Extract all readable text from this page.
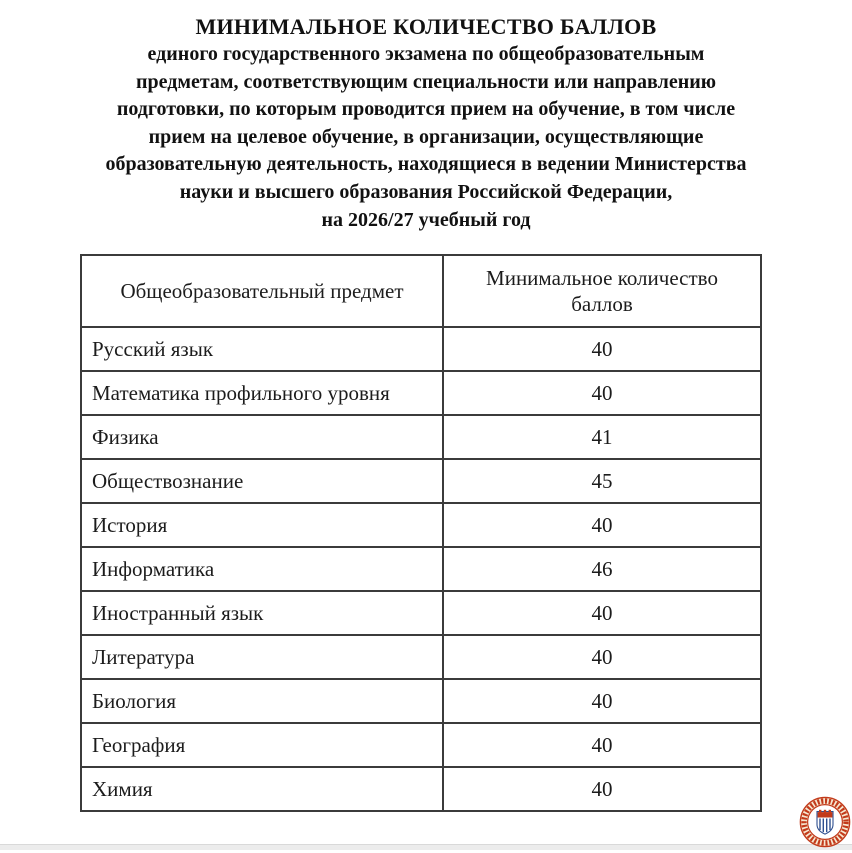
МИНИМАЛЬНОЕ КОЛИЧЕСТВО БАЛЛОВ
единого государственного экзамена по общеобразовательным
предметам, соответствующим специальности или направлению
подготовки, по которым проводится прием на обучение, в том числе
прием на целевое обучение, в организации, осуществляющие
образовательную деятельность, находящиеся в ведении Министерства
науки и высшего образования Российской Федерации,
на 2026/27 учебный год
Общеобразовательный предмет	Минимальное количество баллов
Русский язык	40
Математика профильного уровня	40
Физика	41
Обществознание	45
История	40
Информатика	46
Иностранный язык	40
Литература	40
Биология	40
География	40
Химия	40
